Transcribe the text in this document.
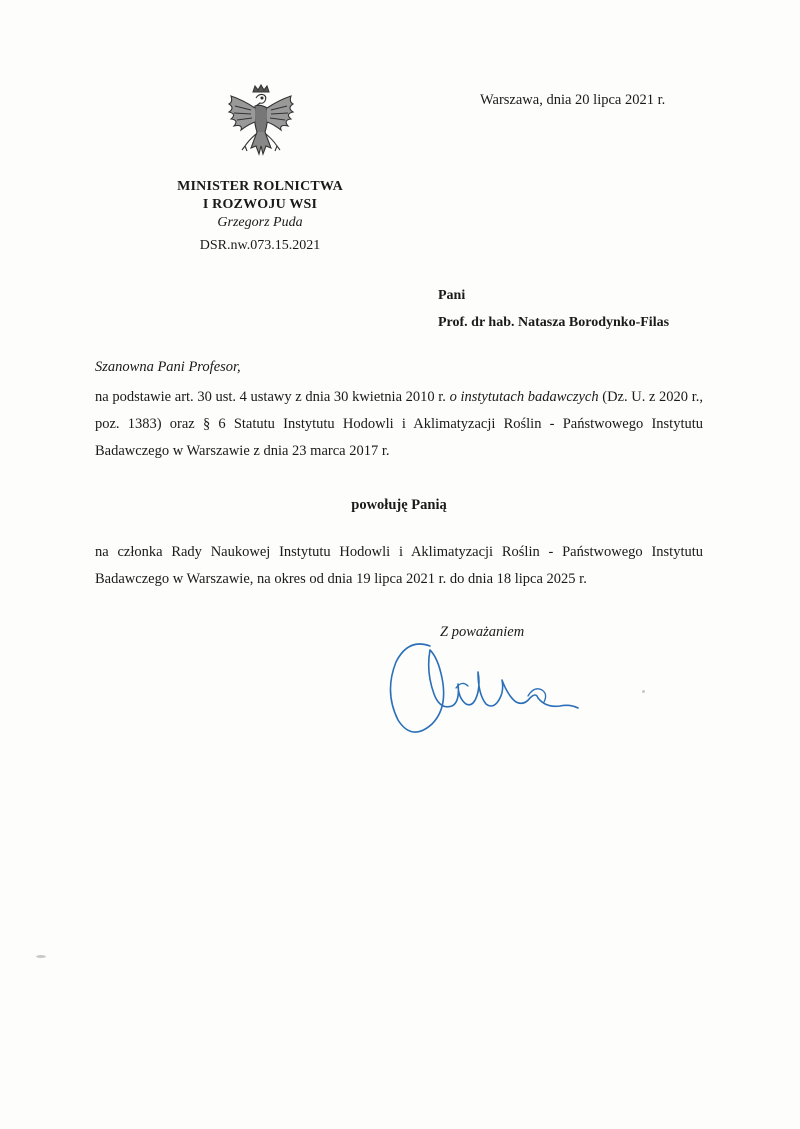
Warszawa, dnia 20 lipca 2021 r.
MINISTER ROLNICTWA
I ROZWOJU WSI
Grzegorz Puda
DSR.nw.073.15.2021
Pani
Prof. dr hab. Natasza Borodynko-Filas
Szanowna Pani Profesor,
na podstawie art. 30 ust. 4 ustawy z dnia 30 kwietnia 2010 r. o instytutach badawczych (Dz. U. z 2020 r., poz. 1383) oraz § 6 Statutu Instytutu Hodowli i Aklimatyzacji Roślin - Państwowego Instytutu Badawczego w Warszawie z dnia 23 marca 2017 r.
powołuję Panią
na członka Rady Naukowej Instytutu Hodowli i Aklimatyzacji Roślin - Państwowego Instytutu Badawczego w Warszawie, na okres od dnia 19 lipca 2021 r. do dnia 18 lipca 2025 r.
Z poważaniem
